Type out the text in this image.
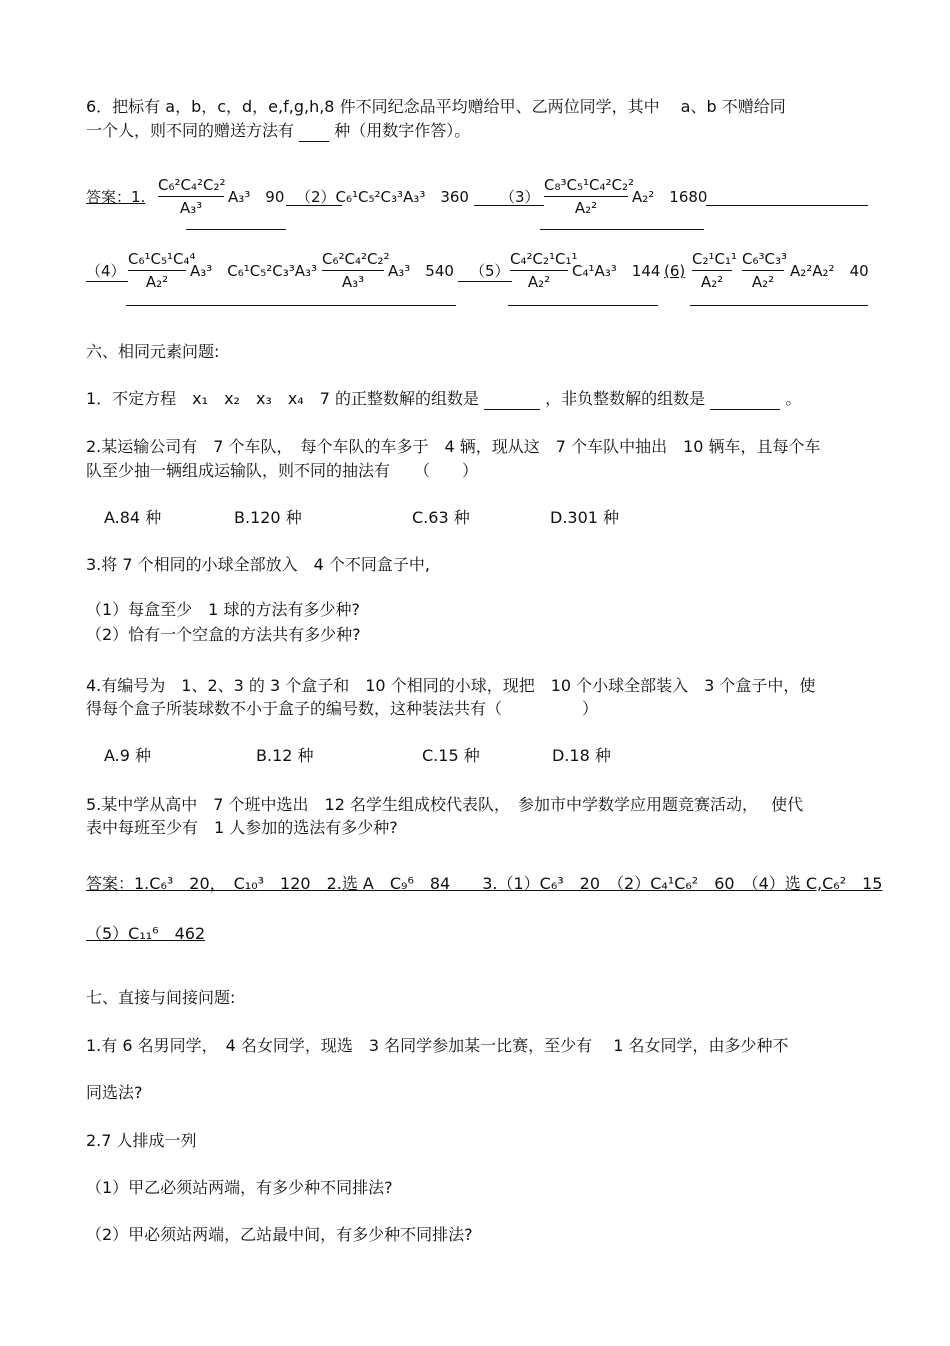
6．把标有 a，b，c，d，e,f,g,h,8 件不同纪念品平均赠给甲、乙两位同学，其中　 a、b 不赠给同
一个人，则不同的赠送方法有	种（用数字作答）。
答案：1.
C₆²C₄²C₂²
A₃³
A₃³　90 （2）C₆¹C₅²C₃³A₃³　360 （3）
C₈³C₅¹C₄²C₂²
A₂²
A₂²　1680
（4）
C₆¹C₅¹C₄⁴
A₂²
A₃³　C₆¹C₅²C₃³A₃³
C₆²C₄²C₂²
A₃³
A₃³　540 （5）
C₄²C₂¹C₁¹
A₂²
C₄¹A₃³　144 (6)
C₂¹C₁¹
A₂²
C₆³C₃³
A₂²
A₂²A₂²　40
六、相同元素问题:
1．不定方程　x₁　x₂　x₃　x₄　7 的正整数解的组数是	，非负整数解的组数是	。
2.某运输公司有　7 个车队，　每个车队的车多于　4 辆，现从这　7 个车队中抽出　10 辆车，且每个车
队至少抽一辆组成运输队，则不同的抽法有　　（　　）
A.84 种	B.120 种	C.63 种	D.301 种
3.将 7 个相同的小球全部放入　4 个不同盒子中,
（1）每盒至少　1 球的方法有多少种?
（2）恰有一个空盒的方法共有多少种?
4.有编号为　1、2、3 的 3 个盒子和　10 个相同的小球，现把　10 个小球全部装入　3 个盒子中，使
得每个盒子所装球数不小于盒子的编号数，这种装法共有（　　　　　）
A.9 种	B.12 种	C.15 种	D.18 种
5.某中学从高中　7 个班中选出　12 名学生组成校代表队，　参加市中学数学应用题竞赛活动，　 使代
表中每班至少有　1 人参加的选法有多少种?
答案：1.C₆³　20，　C₁₀³　120　2.选 A　C₉⁶　84　　3.（1）C₆³　20　（2）C₄¹C₆²　60　（4）选 C,C₆²　15
（5）C₁₁⁶　462
七、直接与间接问题:
1.有 6 名男同学，　4 名女同学，现选　3 名同学参加某一比赛，至少有　 1 名女同学，由多少种不
同选法?
2.7 人排成一列
（1）甲乙必须站两端，有多少种不同排法?
（2）甲必须站两端，乙站最中间，有多少种不同排法?
